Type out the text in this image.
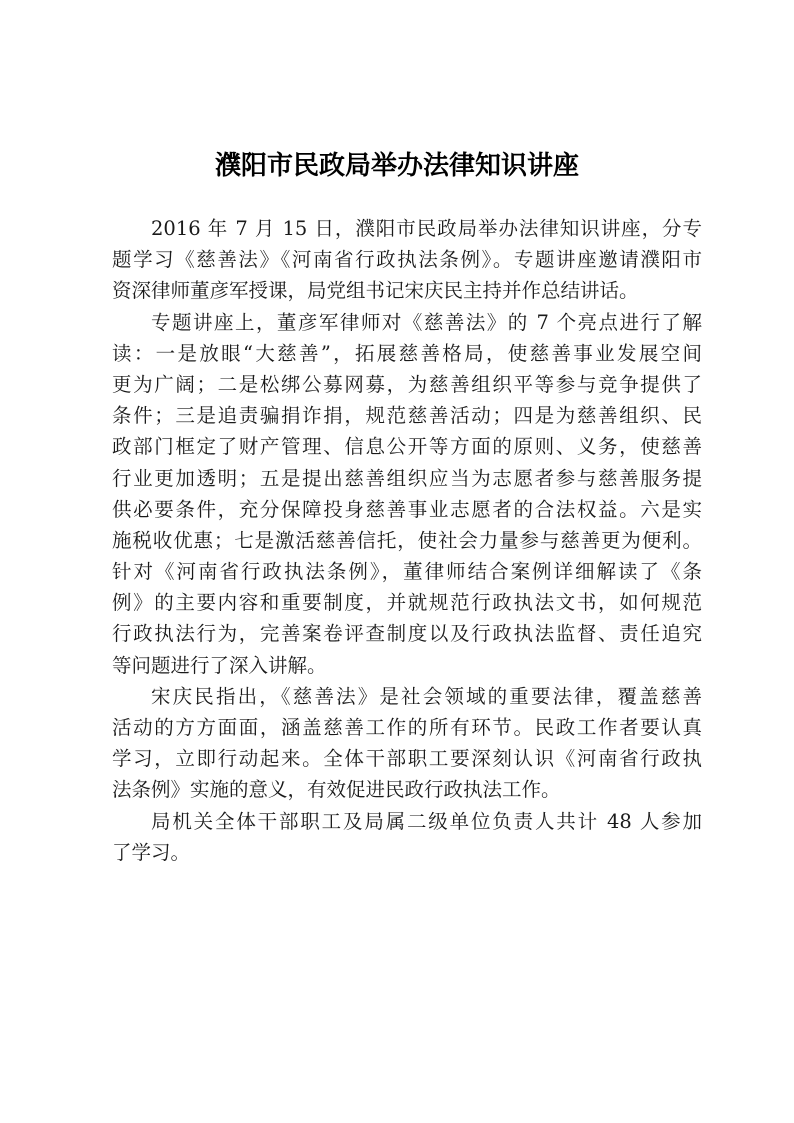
濮阳市民政局举办法律知识讲座
2016 年 7 月 15 日，濮阳市民政局举办法律知识讲座，分专
题学习《慈善法》《河南省行政执法条例》。专题讲座邀请濮阳市
资深律师董彦军授课，局党组书记宋庆民主持并作总结讲话。
专题讲座上，董彦军律师对《慈善法》的 7 个亮点进行了解
读：一是放眼“大慈善”，拓展慈善格局，使慈善事业发展空间
更为广阔；二是松绑公募网募，为慈善组织平等参与竞争提供了
条件；三是追责骗捐诈捐，规范慈善活动；四是为慈善组织、民
政部门框定了财产管理、信息公开等方面的原则、义务，使慈善
行业更加透明；五是提出慈善组织应当为志愿者参与慈善服务提
供必要条件，充分保障投身慈善事业志愿者的合法权益。六是实
施税收优惠；七是激活慈善信托，使社会力量参与慈善更为便利。
针对《河南省行政执法条例》，董律师结合案例详细解读了《条
例》的主要内容和重要制度，并就规范行政执法文书，如何规范
行政执法行为，完善案卷评查制度以及行政执法监督、责任追究
等问题进行了深入讲解。
宋庆民指出，《慈善法》是社会领域的重要法律，覆盖慈善
活动的方方面面，涵盖慈善工作的所有环节。民政工作者要认真
学习，立即行动起来。全体干部职工要深刻认识《河南省行政执
法条例》实施的意义，有效促进民政行政执法工作。
局机关全体干部职工及局属二级单位负责人共计 48 人参加
了学习。
